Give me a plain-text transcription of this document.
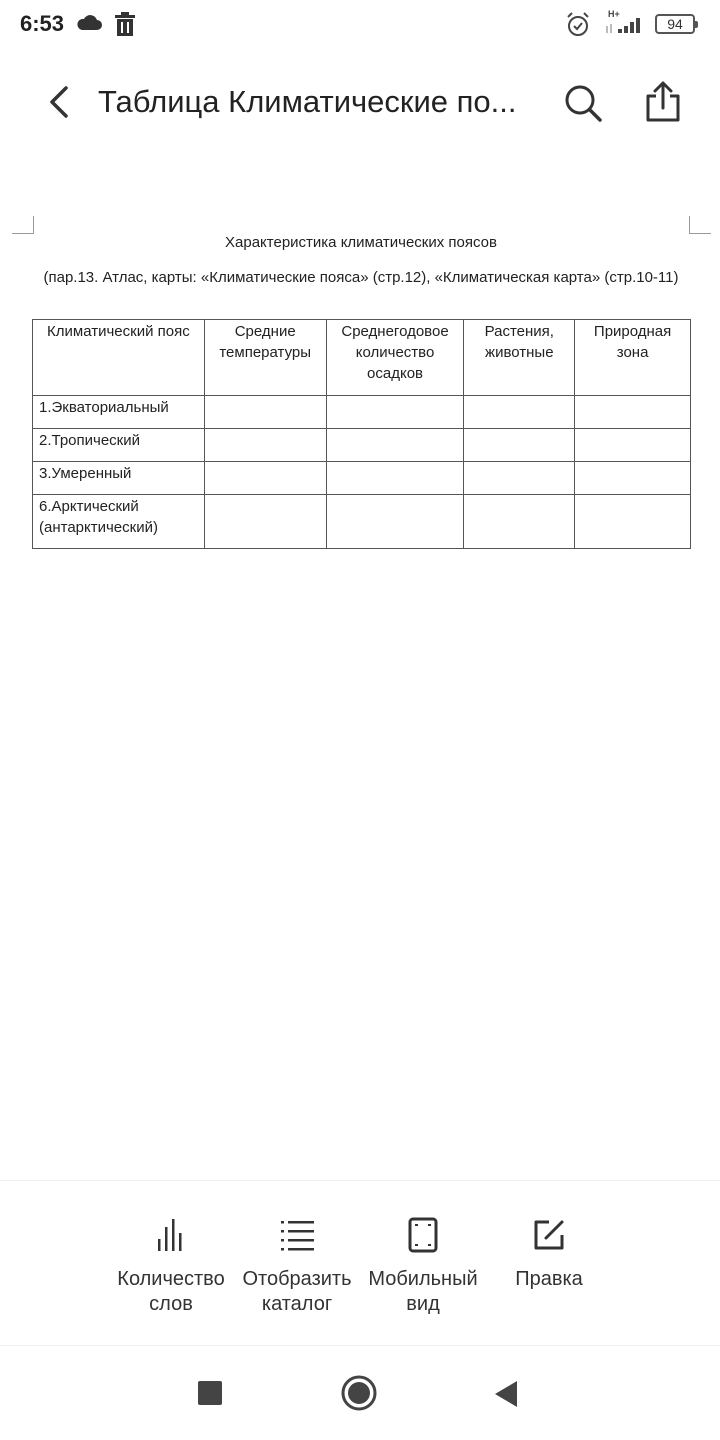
6:53	H+
94
Таблица Климатические по...
Характеристика климатических поясов
(пар.13. Атлас, карты: «Климатические пояса» (стр.12), «Климатическая карта» (стр.10-11)
Климатический пояс	Средние температуры	Среднегодовое количество осадков	Растения, животные	Природная зона
1.Экваториальный				
2.Тропический				
3.Умеренный				
6.Арктический (антарктический)				
Количество слов
Отобразить каталог
Мобильный вид
Правка
